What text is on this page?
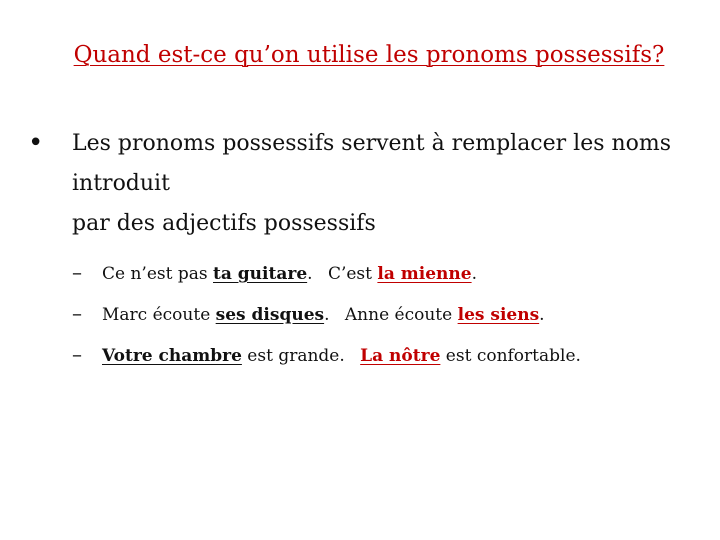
Quand est-ce qu’on utilise les pronoms possessifs?
• Les pronoms possessifs servent à remplacer les noms introduit
par des adjectifs possessifs
– Ce n’est pas ta guitare. C’est la mienne.
– Marc écoute ses disques. Anne écoute les siens.
– Votre chambre est grande. La nôtre est confortable.
